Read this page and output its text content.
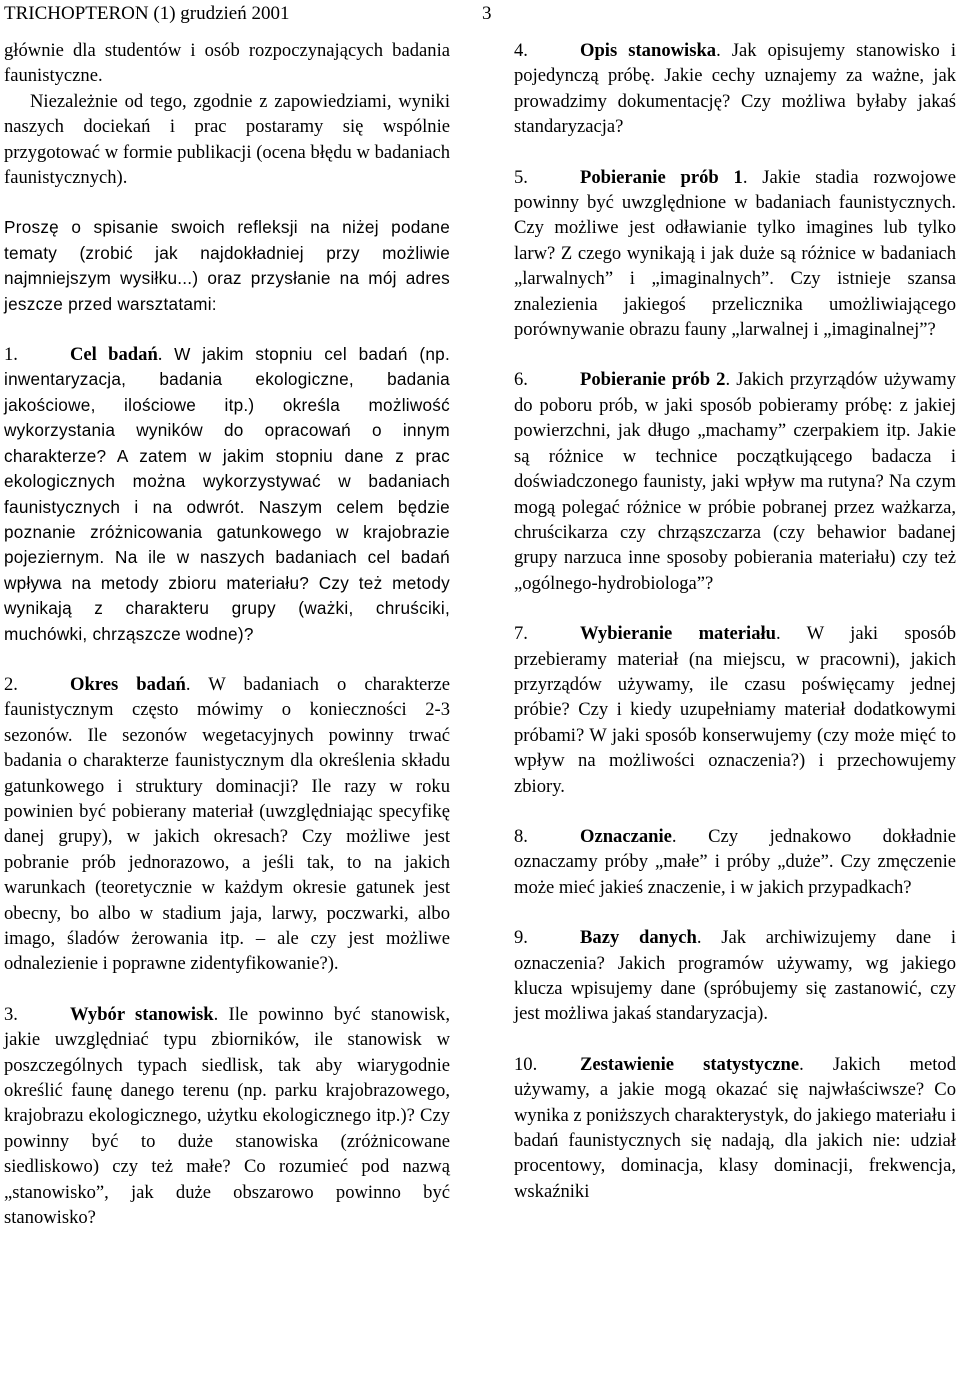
TRICHOPTERON (1) grudzień 2001	3

głównie dla studentów i osób rozpoczynających badania faunistyczne.

Niezależnie od tego, zgodnie z zapowiedziami, wyniki naszych dociekań i prac postaramy się wspólnie przygotować w formie publikacji (ocena błędu w badaniach faunistycznych).

Proszę o spisanie swoich refleksji na niżej podane tematy (zrobić jak najdokładniej przy możliwie najmniejszym wysiłku...) oraz przysłanie na mój adres jeszcze przed warsztatami:

1.	Cel badań. W jakim stopniu cel badań (np. inwentaryzacja, badania ekologiczne, badania jakościowe, ilościowe itp.) określa możliwość wykorzystania wyników do opracowań o innym charakterze? A zatem w jakim stopniu dane z prac ekologicznych można wykorzystywać w badaniach faunistycznych i na odwrót. Naszym celem będzie poznanie zróżnicowania gatunkowego w krajobrazie pojeziernym. Na ile w naszych badaniach cel badań wpływa na metody zbioru materiału? Czy też metody wynikają z charakteru grupy (ważki, chruściki, muchówki, chrząszcze wodne)?

2.	Okres badań. W badaniach o charakterze faunistycznym często mówimy o konieczności 2-3 sezonów. Ile sezonów wegetacyjnych powinny trwać badania o charakterze faunistycznym dla określenia składu gatunkowego i struktury dominacji? Ile razy w roku powinien być pobierany materiał (uwzględniając specyfikę danej grupy), w jakich okresach? Czy możliwe jest pobranie prób jednorazowo, a jeśli tak, to na jakich warunkach (teoretycznie w każdym okresie gatunek jest obecny, bo albo w stadium jaja, larwy, poczwarki, albo imago, śladów żerowania itp. – ale czy jest możliwe odnalezienie i poprawne zidentyfikowanie?).

3.	Wybór stanowisk. Ile powinno być stanowisk, jakie uwzględniać typu zbiorników, ile stanowisk w poszczególnych typach siedlisk, tak aby wiarygodnie określić faunę danego terenu (np. parku krajobrazowego, krajobrazu ekologicznego, użytku ekologicznego itp.)? Czy powinny być to duże stanowiska (zróżnicowane siedliskowo) czy też małe? Co rozumieć pod nazwą „stanowisko”, jak duże obszarowo powinno być stanowisko?

4.	Opis stanowiska. Jak opisujemy stanowisko i pojedynczą próbę. Jakie cechy uznajemy za ważne, jak prowadzimy dokumentację? Czy możliwa byłaby jakaś standaryzacja?

5.	Pobieranie prób 1. Jakie stadia rozwojowe powinny być uwzględnione w badaniach faunistycznych. Czy możliwe jest odławianie tylko imagines lub tylko larw? Z czego wynikają i jak duże są różnice w badaniach „larwalnych” i „imaginalnych”. Czy istnieje szansa znalezienia jakiegoś przelicznika umożliwiającego porównywanie obrazu fauny „larwalnej i „imaginalnej”?

6.	Pobieranie prób 2. Jakich przyrządów używamy do poboru prób, w jaki sposób pobieramy próbę: z jakiej powierzchni, jak długo „machamy” czerpakiem itp. Jakie są różnice w technice początkującego badacza i doświadczonego faunisty, jaki wpływ ma rutyna? Na czym mogą polegać różnice w próbie pobranej przez ważkarza, chruścikarza czy chrząszczarza (czy behawior badanej grupy narzuca inne sposoby pobierania materiału) czy też „ogólnego-hydrobiologa”?

7.	Wybieranie materiału. W jaki sposób przebieramy materiał (na miejscu, w pracowni), jakich przyrządów używamy, ile czasu poświęcamy jednej próbie? Czy i kiedy uzupełniamy materiał dodatkowymi próbami? W jaki sposób konserwujemy (czy może mięć to wpływ na możliwości oznaczenia?) i przechowujemy zbiory.

8.	Oznaczanie. Czy jednakowo dokładnie oznaczamy próby „małe” i próby „duże”. Czy zmęczenie może mieć jakieś znaczenie, i w jakich przypadkach?

9.	Bazy danych. Jak archiwizujemy dane i oznaczenia? Jakich programów używamy, wg jakiego klucza wpisujemy dane (spróbujemy się zastanowić, czy jest możliwa jakaś standaryzacja).

10. Zestawienie statystyczne. Jakich metod używamy, a jakie mogą okazać się najwłaściwsze? Co wynika z poniższych charakterystyk, do jakiego materiału i badań faunistycznych się nadają, dla jakich nie: udział procentowy, dominacja, klasy dominacji, frekwencja, wskaźniki
